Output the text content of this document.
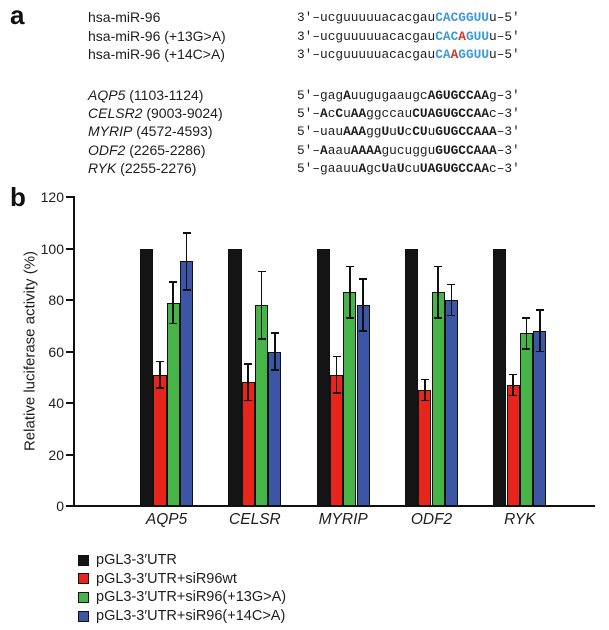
a	hsa-miR-96	3′–ucguuuuuacacgauCACGGUUu–5′
hsa-miR-96 (+13G>A)	3′–ucguuuuuacacgauCACAGUUu–5′
hsa-miR-96 (+14C>A)	3′–ucguuuuuacacgauCAAGGUUu–5′
AQP5 (1103-1124)	5′–gagAuugugaaugcAGUGCCAAg–3′
CELSR2 (9003-9024)	5′–AcCuAAggccauCUAGUGCCAAc–3′
MYRIP (4572-4593)	5′–uauAAAggUuUcCUuGUGCCAAA–3′
ODF2 (2265-2286)	5′–AaauAAAAgucugguGUGCCAAA–3′
RYK (2255-2276)	5′–gaauuAgcUaUcuUAGUGCCAAc–3′
b
Relative luciferase activity (%)
0
20
40
60
80
100
120
AQP5	CELSR	MYRIP	ODF2	RYK
pGL3-3′UTR
pGL3-3′UTR+siR96wt
pGL3-3′UTR+siR96(+13G>A)
pGL3-3′UTR+siR96(+14C>A)
